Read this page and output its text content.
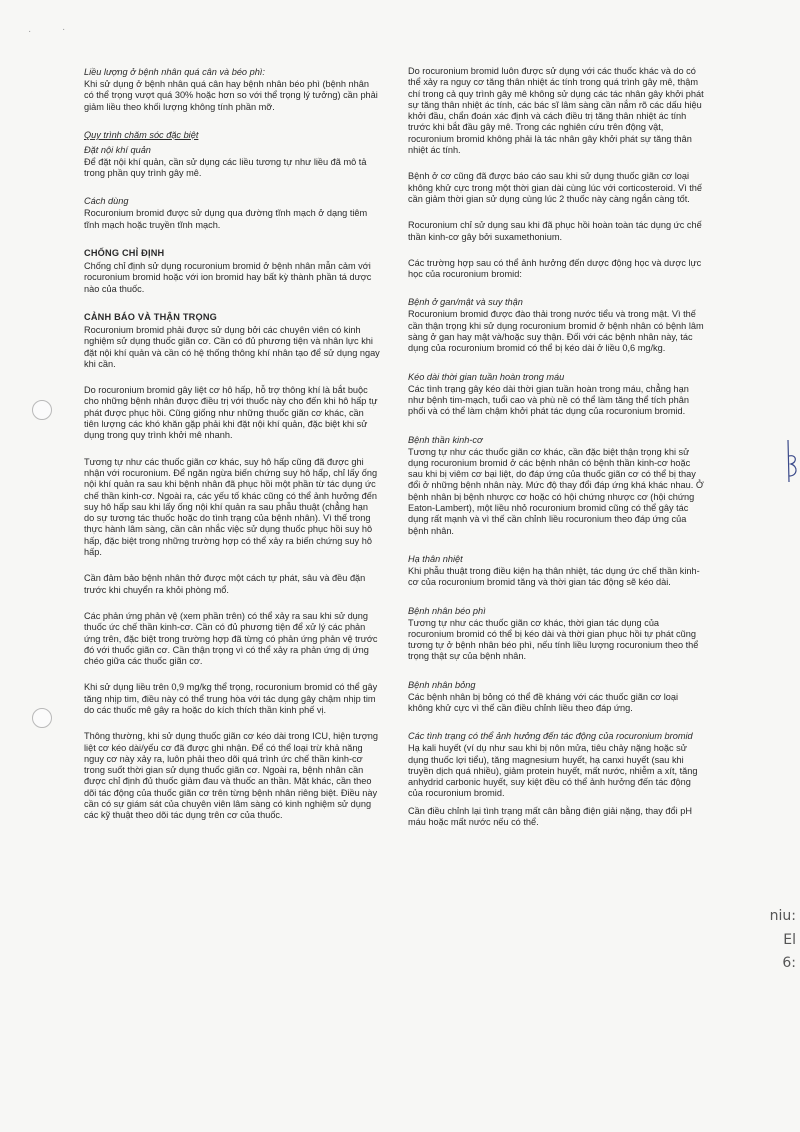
·	·
niu:
El
6:
Liều lượng ở bệnh nhân quá cân và béo phì:

Khi sử dụng ở bệnh nhân quá cân hay bệnh nhân béo phì (bệnh nhân có thể trọng vượt quá 30% hoặc hơn so với thể trọng lý tưởng) cần phải giảm liều theo khối lượng không tính phần mỡ.

Quy trình chăm sóc đặc biệt
Đặt nội khí quản

Để đặt nội khí quản, cần sử dụng các liều tương tự như liều đã mô tả trong phần quy trình gây mê.

Cách dùng

Rocuronium bromid được sử dụng qua đường tĩnh mạch ở dạng tiêm tĩnh mạch hoặc truyền tĩnh mạch.

CHỐNG CHỈ ĐỊNH

Chống chỉ định sử dụng rocuronium bromid ở bệnh nhân mẫn cảm với rocuronium bromid hoặc với ion bromid hay bất kỳ thành phần tá dược nào của thuốc.

CẢNH BÁO VÀ THẬN TRỌNG

Rocuronium bromid phải được sử dụng bởi các chuyên viên có kinh nghiệm sử dụng thuốc giãn cơ. Cần có đủ phương tiện và nhân lực khi đặt nội khí quản và cần có hệ thống thông khí nhân tạo để sử dụng ngay khi cần.

Do rocuronium bromid gây liệt cơ hô hấp, hỗ trợ thông khí là bắt buộc cho những bệnh nhân được điều trị với thuốc này cho đến khi hô hấp tự phát được phục hồi. Cũng giống như những thuốc giãn cơ khác, cần tiên lượng các khó khăn gặp phải khi đặt nội khí quản, đặc biệt khi sử dụng trong quy trình khởi mê nhanh.

Tương tự như các thuốc giãn cơ khác, suy hô hấp cũng đã được ghi nhận với rocuronium. Để ngăn ngừa biến chứng suy hô hấp, chỉ lấy ống nội khí quản ra sau khi bệnh nhân đã phục hồi một phần từ tác dụng ức chế thần kinh-cơ. Ngoài ra, các yếu tố khác cũng có thể ảnh hưởng đến suy hô hấp sau khi lấy ống nội khí quản ra sau phẫu thuật (chẳng hạn do sự tương tác thuốc hoặc do tình trạng của bệnh nhân). Vì thế trong thực hành lâm sàng, cần cân nhắc việc sử dụng thuốc phục hồi suy hô hấp, đặc biệt trong những trường hợp có thể xảy ra biến chứng suy hô hấp.

Cần đảm bảo bệnh nhân thở được một cách tự phát, sâu và đều đặn trước khi chuyển ra khỏi phòng mổ.

Các phản ứng phản vệ (xem phần trên) có thể xảy ra sau khi sử dụng thuốc ức chế thần kinh-cơ. Cần có đủ phương tiện để xử lý các phản ứng trên, đặc biệt trong trường hợp đã từng có phản ứng phản vệ trước đó với thuốc giãn cơ. Cần thận trọng vì có thể xảy ra phản ứng dị ứng chéo giữa các thuốc giãn cơ.

Khi sử dụng liều trên 0,9 mg/kg thể trọng, rocuronium bromid có thể gây tăng nhịp tim, điều này có thể trung hòa với tác dụng gây chậm nhịp tim do các thuốc mê gây ra hoặc do kích thích thần kinh phế vị.

Thông thường, khi sử dụng thuốc giãn cơ kéo dài trong ICU, hiện tượng liệt cơ kéo dài/yếu cơ đã được ghi nhận. Để có thể loại trừ khả năng nguy cơ này xảy ra, luôn phải theo dõi quá trình ức chế thần kinh-cơ trong suốt thời gian sử dụng thuốc giãn cơ. Ngoài ra, bệnh nhân cần được chỉ định đủ thuốc giảm đau và thuốc an thần. Mặt khác, cần theo dõi tác động của thuốc giãn cơ trên từng bệnh nhân riêng biệt. Điều này cần có sự giám sát của chuyên viên lâm sàng có kinh nghiệm sử dụng các kỹ thuật theo dõi tác dụng trên cơ của thuốc.

Do rocuronium bromid luôn được sử dụng với các thuốc khác và do có thể xảy ra nguy cơ tăng thân nhiệt ác tính trong quá trình gây mê, thậm chí trong cả quy trình gây mê không sử dụng các tác nhân gây khởi phát sự tăng thân nhiệt ác tính, các bác sĩ lâm sàng cần nắm rõ các dấu hiệu khởi đầu, chẩn đoán xác định và cách điều trị tăng thân nhiệt ác tính trước khi bắt đầu gây mê. Trong các nghiên cứu trên động vật, rocuronium bromid không phải là tác nhân gây khởi phát sự tăng thân nhiệt ác tính.

Bệnh ở cơ cũng đã được báo cáo sau khi sử dụng thuốc giãn cơ loại không khử cực trong một thời gian dài cùng lúc với corticosteroid. Vì thế cần giảm thời gian sử dụng cùng lúc 2 thuốc này càng ngắn càng tốt.

Rocuronium chỉ sử dụng sau khi đã phục hồi hoàn toàn tác dụng ức chế thần kinh-cơ gây bởi suxamethonium.

Các trường hợp sau có thể ảnh hưởng đến dược động học và dược lực học của rocuronium bromid:

Bệnh ở gan/mật và suy thận

Rocuronium bromid được đào thải trong nước tiểu và trong mật. Vì thế cần thận trọng khi sử dụng rocuronium bromid ở bệnh nhân có bệnh lâm sàng ở gan hay mật và/hoặc suy thận. Đối với các bệnh nhân này, tác dụng của rocuronium bromid có thể bị kéo dài ở liều 0,6 mg/kg.

Kéo dài thời gian tuần hoàn trong máu

Các tình trạng gây kéo dài thời gian tuần hoàn trong máu, chẳng hạn như bệnh tim-mạch, tuổi cao và phù nề có thể làm tăng thể tích phân phối và có thể làm chậm khởi phát tác dụng của rocuronium bromid.

Bệnh thần kinh-cơ

Tương tự như các thuốc giãn cơ khác, cần đặc biệt thận trọng khi sử dụng rocuronium bromid ở các bệnh nhân có bệnh thần kinh-cơ hoặc sau khi bị viêm cơ bại liệt, do đáp ứng của thuốc giãn cơ có thể bị thay đổi ở những bệnh nhân này. Mức độ thay đổi đáp ứng khá khác nhau. Ở bệnh nhân bị bệnh nhược cơ hoặc có hội chứng nhược cơ (hội chứng Eaton-Lambert), một liều nhỏ rocuronium bromid cũng có thể gây tác dụng rất mạnh và vì thế cần chỉnh liều rocuronium theo đáp ứng của bệnh nhân.

Hạ thân nhiệt

Khi phẫu thuật trong điều kiện hạ thân nhiệt, tác dụng ức chế thần kinh-cơ của rocuronium bromid tăng và thời gian tác động sẽ kéo dài.

Bệnh nhân béo phì

Tương tự như các thuốc giãn cơ khác, thời gian tác dụng của rocuronium bromid có thể bị kéo dài và thời gian phục hồi tự phát cũng tương tự ở bệnh nhân béo phì, nếu tính liều lượng rocuronium theo thể trọng thật sự của bệnh nhân.

Bệnh nhân bỏng

Các bệnh nhân bị bỏng có thể đề kháng với các thuốc giãn cơ loại không khử cực vì thế cần điều chỉnh liều theo đáp ứng.

Các tình trạng có thể ảnh hưởng đến tác động của rocuronium bromid

Hạ kali huyết (ví dụ như sau khi bị nôn mửa, tiêu chảy nặng hoặc sử dụng thuốc lợi tiểu), tăng magnesium huyết, hạ canxi huyết (sau khi truyền dịch quá nhiều), giảm protein huyết, mất nước, nhiễm a xít, tăng anhydrid carbonic huyết, suy kiệt đều có thể ảnh hưởng đến tác động của rocuronium bromid.

Cần điều chỉnh lại tình trạng mất cân bằng điện giải nặng, thay đổi pH máu hoặc mất nước nếu có thể.
